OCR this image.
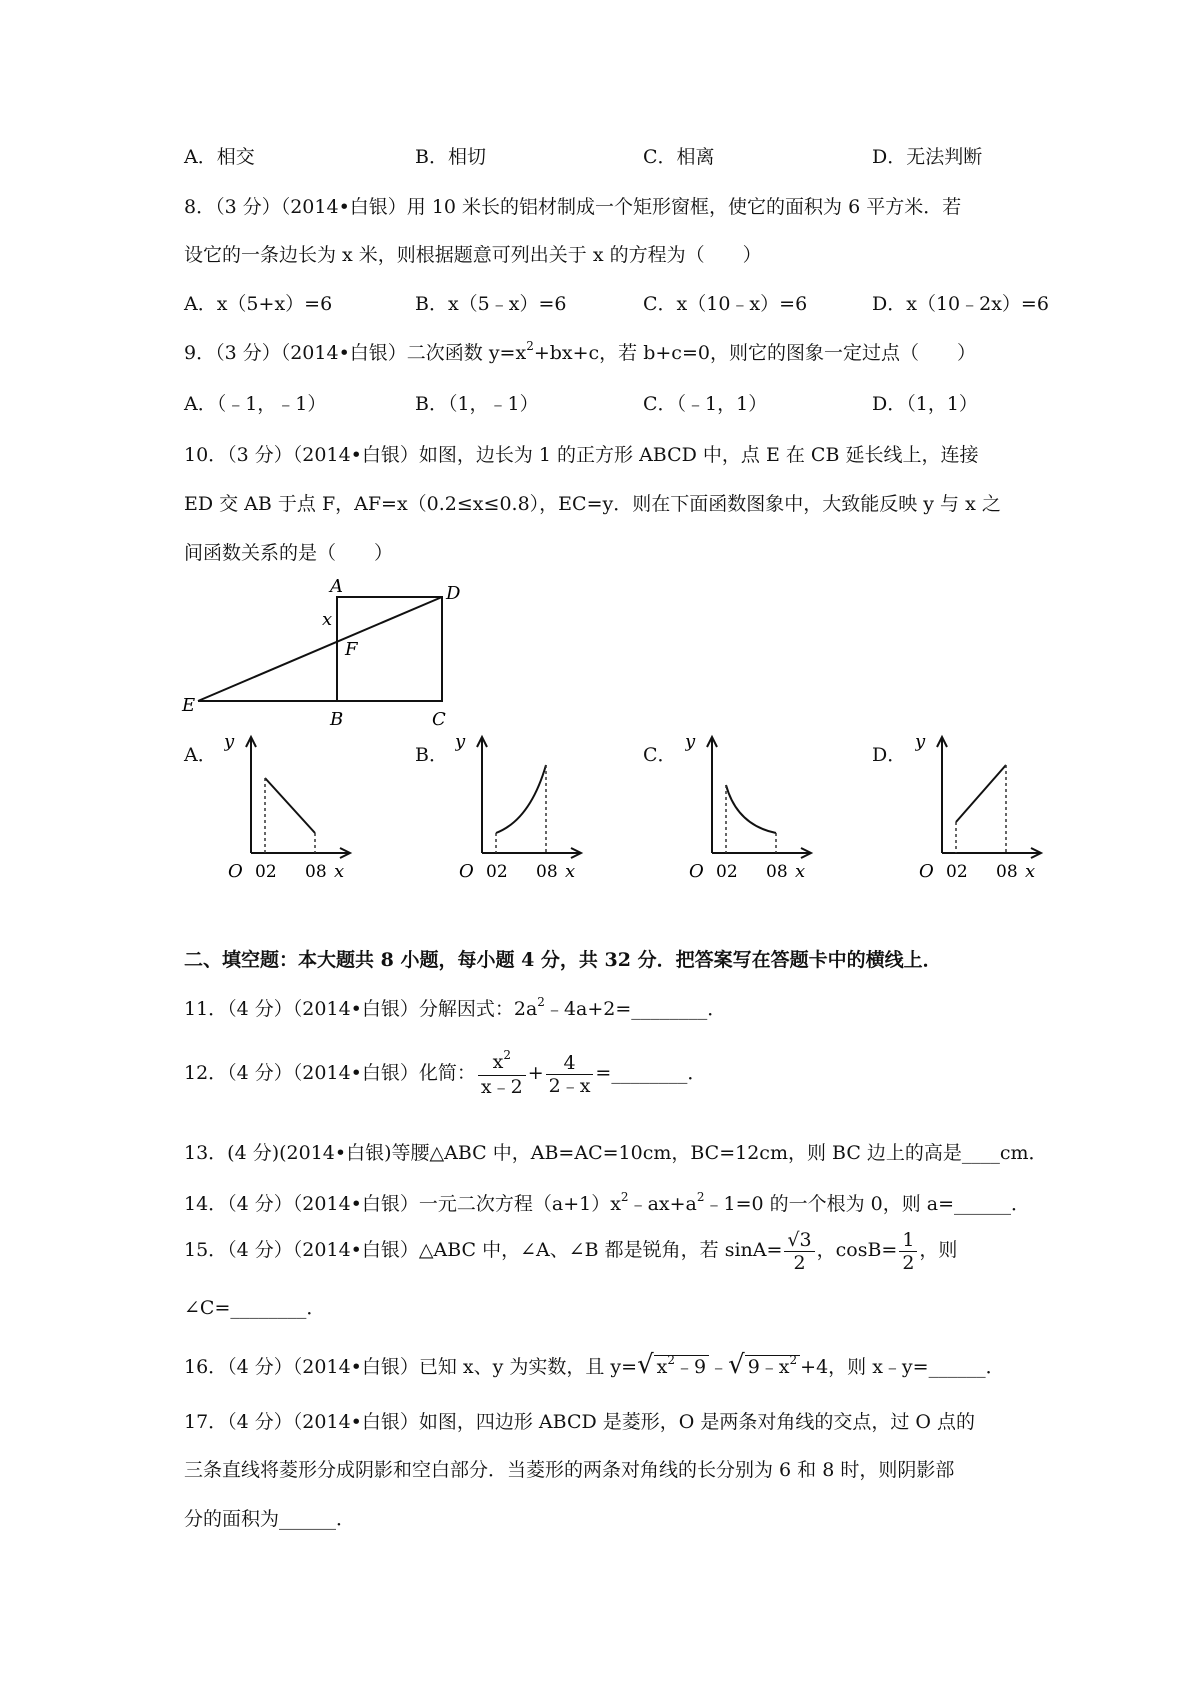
A．相交	B．相切	C．相离	D．无法判断
8．（3 分）（2014•白银）用 10 米长的铝材制成一个矩形窗框，使它的面积为 6 平方米．若
设它的一条边长为 x 米，则根据题意可列出关于 x 的方程为（　　）
A．x（5+x）=6	B．x（5﹣x）=6	C．x（10﹣x）=6	D．x（10﹣2x）=6
9．（3 分）（2014•白银）二次函数 $y=x^2+bx+c$，若 b+c=0，则它的图象一定过点（　　）
A．（﹣1，﹣1）	B．（1，﹣1）	C．（﹣1，1）	D．（1，1）
10．（3 分）（2014•白银）如图，边长为 1 的正方形 ABCD 中，点 E 在 CB 延长线上，连接
ED 交 AB 于点 F，AF=x（0.2≤x≤0.8），EC=y．则在下面函数图象中，大致能反映 y 与 x 之
间函数关系的是（　　）
A	D
x
F
E
B	C
A．	B．	C．	D．
y
O 02 08 x
y
O 02 08 x
y
O 02 08 x
y
O 02 08 x
二、填空题：本大题共 8 小题，每小题 4 分，共 32 分．把答案写在答题卡中的横线上．
11．（4 分）（2014•白银）分解因式：$2a^2﹣4a+2=\_\_\_\_\_\_\_\_$．
12．（4 分）（2014•白银）化简： $\frac{x^2}{x﹣2} + \frac{4}{2﹣x}$ =________．
13．(4 分)(2014•白银)等腰△ABC 中，AB=AC=10cm，BC=12cm，则 BC 边上的高是____cm．
14．（4 分）（2014•白银）一元二次方程$(a+1)x^2﹣ax+a^2﹣1=0$ 的一个根为 0，则 a=______．
15．（4 分）（2014•白银）△ABC 中，∠A、∠B 都是锐角，若 $\sin A= \frac{√3}{2}$ ，$\cos B= \frac{1}{2}$ ，则
∠C=________．
16．（4 分）（2014•白银）已知 x、y 为实数，且 y=√ $x^2﹣9$ ﹣√ $9﹣x^2 +4$，则 x﹣y=______．
17．（4 分）（2014•白银）如图，四边形 ABCD 是菱形，O 是两条对角线的交点，过 O 点的
三条直线将菱形分成阴影和空白部分．当菱形的两条对角线的长分别为 6 和 8 时，则阴影部
分的面积为______．
